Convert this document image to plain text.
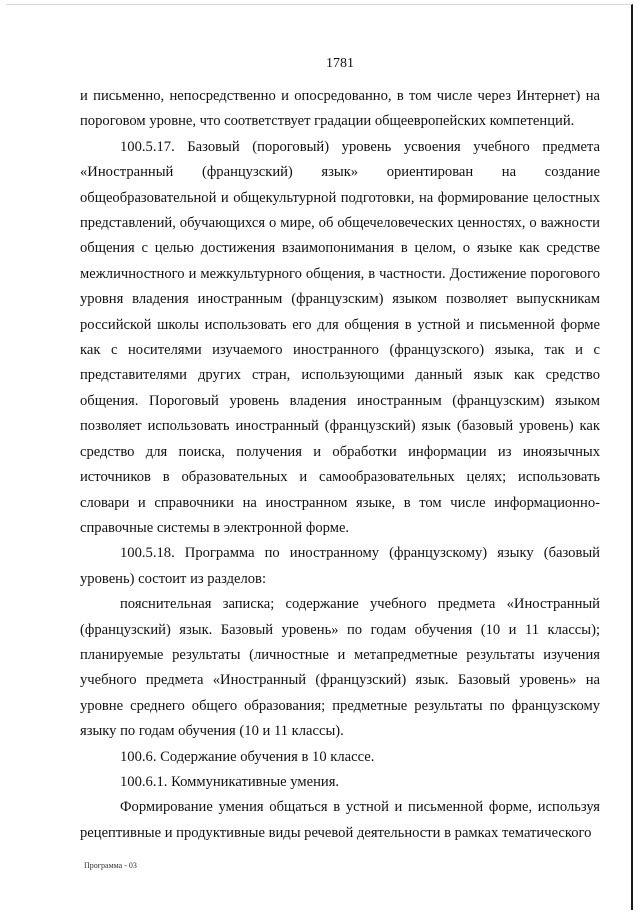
1781

и письменно, непосредственно и опосредованно, в том числе через Интернет) на пороговом уровне, что соответствует градации общеевропейских компетенций.

100.5.17. Базовый (пороговый) уровень усвоения учебного предмета «Иностранный (французский) язык» ориентирован на создание общеобразовательной и общекультурной подготовки, на формирование целостных представлений, обучающихся о мире, об общечеловеческих ценностях, о важности общения с целью достижения взаимопонимания в целом, о языке как средстве межличностного и межкультурного общения, в частности. Достижение порогового уровня владения иностранным (французским) языком позволяет выпускникам российской школы использовать его для общения в устной и письменной форме как с носителями изучаемого иностранного (французского) языка, так и с представителями других стран, использующими данный язык как средство общения. Пороговый уровень владения иностранным (французским) языком позволяет использовать иностранный (французский) язык (базовый уровень) как средство для поиска, получения и обработки информации из иноязычных источников в образовательных и самообразовательных целях; использовать словари и справочники на иностранном языке, в том числе информационно-справочные системы в электронной форме.

100.5.18. Программа по иностранному (французскому) языку (базовый уровень) состоит из разделов:

пояснительная записка; содержание учебного предмета «Иностранный (французский) язык. Базовый уровень» по годам обучения (10 и 11 классы); планируемые результаты (личностные и метапредметные результаты изучения учебного предмета «Иностранный (французский) язык. Базовый уровень» на уровне среднего общего образования; предметные результаты по французскому языку по годам обучения (10 и 11 классы).

100.6. Содержание обучения в 10 классе.

100.6.1. Коммуникативные умения.

Формирование умения общаться в устной и письменной форме, используя рецептивные и продуктивные виды речевой деятельности в рамках тематического

Программа - 03
